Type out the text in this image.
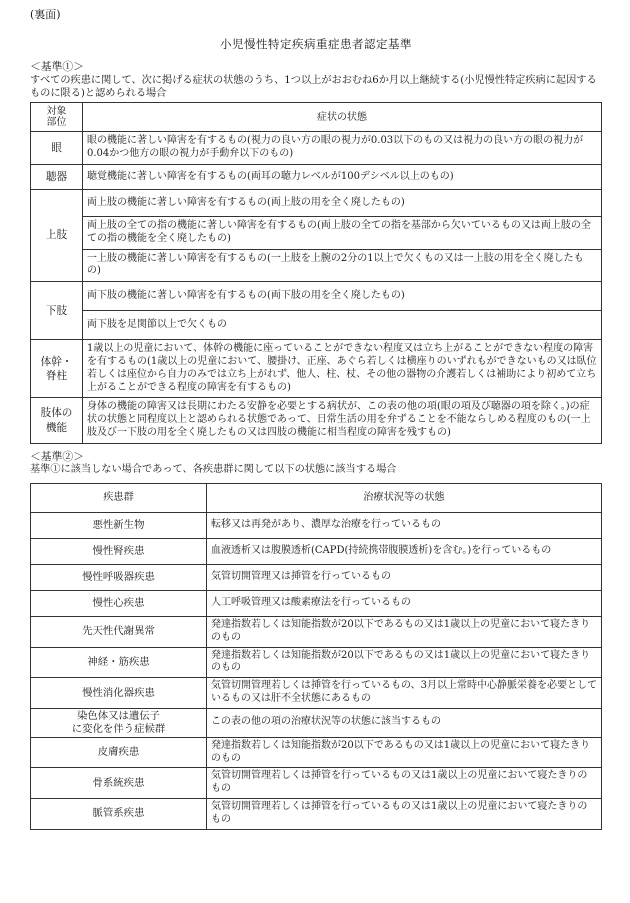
(裏面)
小児慢性特定疾病重症患者認定基準
＜基準①＞
すべての疾患に関して、次に掲げる症状の状態のうち、1つ以上がおおむね6か月以上継続する(小児慢性特定疾病に起因するものに限る)と認められる場合
対象
部位	症状の状態
眼	眼の機能に著しい障害を有するもの(視力の良い方の眼の視力が0.03以下のもの又は視力の良い方の眼の視力が0.04かつ他方の眼の視力が手動弁以下のもの)
聴器	聴覚機能に著しい障害を有するもの(両耳の聴力レベルが100デシベル以上のもの)
上肢	両上肢の機能に著しい障害を有するもの(両上肢の用を全く廃したもの)
	両上肢の全ての指の機能に著しい障害を有するもの(両上肢の全ての指を基部から欠いているもの又は両上肢の全ての指の機能を全く廃したもの)
	一上肢の機能に著しい障害を有するもの(一上肢を上腕の2分の1以上で欠くもの又は一上肢の用を全く廃したもの)
下肢	両下肢の機能に著しい障害を有するもの(両下肢の用を全く廃したもの)
	両下肢を足関節以上で欠くもの
体幹・
脊柱	1歳以上の児童において、体幹の機能に座っていることができない程度又は立ち上がることができない程度の障害を有するもの(1歳以上の児童において、腰掛け、正座、あぐら若しくは横座りのいずれもができないもの又は臥位若しくは座位から自力のみでは立ち上がれず、他人、柱、杖、その他の器物の介護若しくは補助により初めて立ち上がることができる程度の障害を有するもの)
肢体の
機能	身体の機能の障害又は長期にわたる安静を必要とする病状が、この表の他の項(眼の項及び聴器の項を除く。)の症状の状態と同程度以上と認められる状態であって、日常生活の用を弁ずることを不能ならしめる程度のもの(一上肢及び一下肢の用を全く廃したもの又は四肢の機能に相当程度の障害を残すもの)
＜基準②＞
基準①に該当しない場合であって、各疾患群に関して以下の状態に該当する場合
疾患群	治療状況等の状態
悪性新生物	転移又は再発があり、濃厚な治療を行っているもの
慢性腎疾患	血液透析又は腹膜透析(CAPD(持続携帯腹膜透析)を含む。)を行っているもの
慢性呼吸器疾患	気管切開管理又は挿管を行っているもの
慢性心疾患	人工呼吸管理又は酸素療法を行っているもの
先天性代謝異常	発達指数若しくは知能指数が20以下であるもの又は1歳以上の児童において寝たきりのもの
神経・筋疾患	発達指数若しくは知能指数が20以下であるもの又は1歳以上の児童において寝たきりのもの
慢性消化器疾患	気管切開管理若しくは挿管を行っているもの、3月以上常時中心静脈栄養を必要としているもの又は肝不全状態にあるもの
染色体又は遺伝子
に変化を伴う症候群	この表の他の項の治療状況等の状態に該当するもの
皮膚疾患	発達指数若しくは知能指数が20以下であるもの又は1歳以上の児童において寝たきりのもの
骨系統疾患	気管切開管理若しくは挿管を行っているもの又は1歳以上の児童において寝たきりのもの
脈管系疾患	気管切開管理若しくは挿管を行っているもの又は1歳以上の児童において寝たきりのもの
